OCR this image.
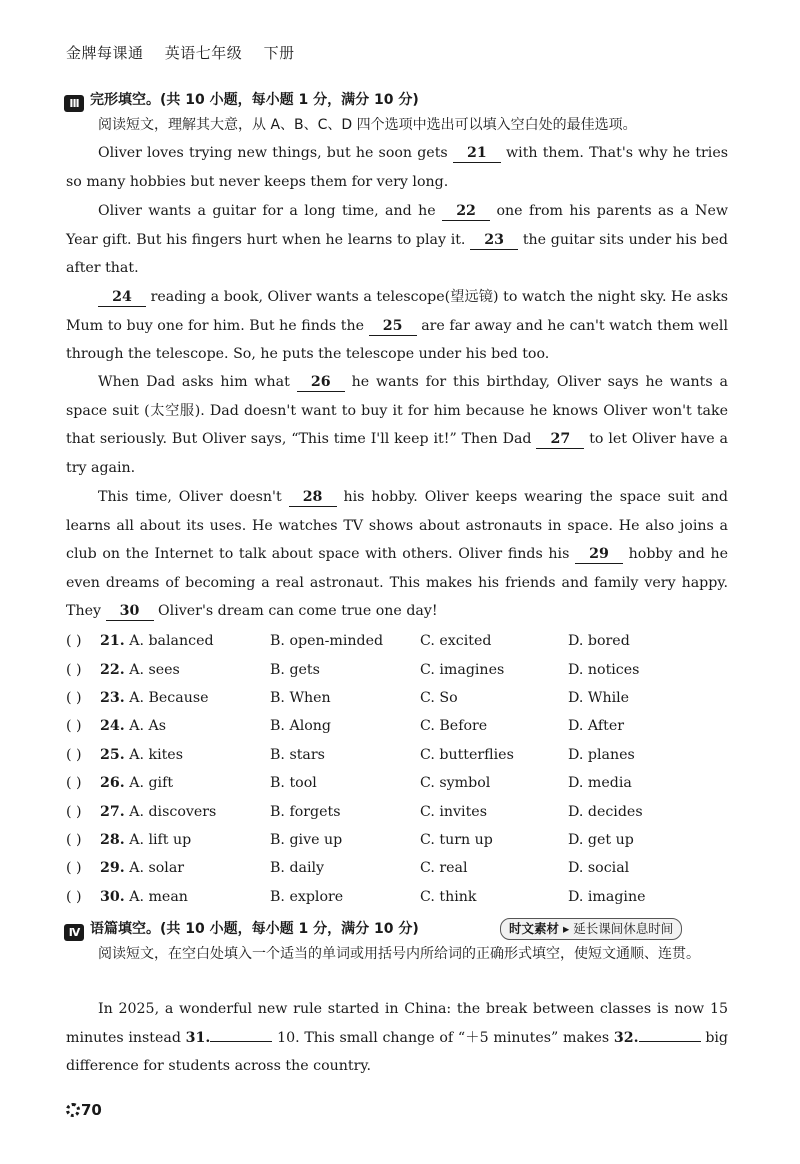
金牌每课通 英语七年级 下册
III 完形填空。(共 10 小题，每小题 1 分，满分 10 分)
阅读短文，理解其大意，从 A、B、C、D 四个选项中选出可以填入空白处的最佳选项。
Oliver loves trying new things, but he soon gets 21 with them. That's why he tries so many hobbies but never keeps them for very long.
Oliver wants a guitar for a long time, and he 22 one from his parents as a New Year gift. But his fingers hurt when he learns to play it. 23 the guitar sits under his bed after that.
24 reading a book, Oliver wants a telescope(望远镜) to watch the night sky. He asks Mum to buy one for him. But he finds the 25 are far away and he can't watch them well through the telescope. So, he puts the telescope under his bed too.
When Dad asks him what 26 he wants for this birthday, Oliver says he wants a space suit (太空服). Dad doesn't want to buy it for him because he knows Oliver won't take that seriously. But Oliver says, “This time I'll keep it!” Then Dad 27 to let Oliver have a try again.
This time, Oliver doesn't 28 his hobby. Oliver keeps wearing the space suit and learns all about its uses. He watches TV shows about astronauts in space. He also joins a club on the Internet to talk about space with others. Oliver finds his 29 hobby and he even dreams of becoming a real astronaut. This makes his friends and family very happy. They 30 Oliver's dream can come true one day!
( )	21. A. balanced	B. open-minded	C. excited	D. bored
( )	22. A. sees	B. gets	C. imagines	D. notices
( )	23. A. Because	B. When	C. So	D. While
( )	24. A. As	B. Along	C. Before	D. After
( )	25. A. kites	B. stars	C. butterflies	D. planes
( )	26. A. gift	B. tool	C. symbol	D. media
( )	27. A. discovers	B. forgets	C. invites	D. decides
( )	28. A. lift up	B. give up	C. turn up	D. get up
( )	29. A. solar	B. daily	C. real	D. social
( )	30. A. mean	B. explore	C. think	D. imagine
IV 语篇填空。(共 10 小题，每小题 1 分，满分 10 分)	时文素材 ▸ 延长课间休息时间
阅读短文，在空白处填入一个适当的单词或用括号内所给词的正确形式填空，使短文通顺、连贯。
In 2025, a wonderful new rule started in China: the break between classes is now 15 minutes instead 31.	10. This small change of “＋5 minutes” makes 32.	big difference for students across the country.
70
